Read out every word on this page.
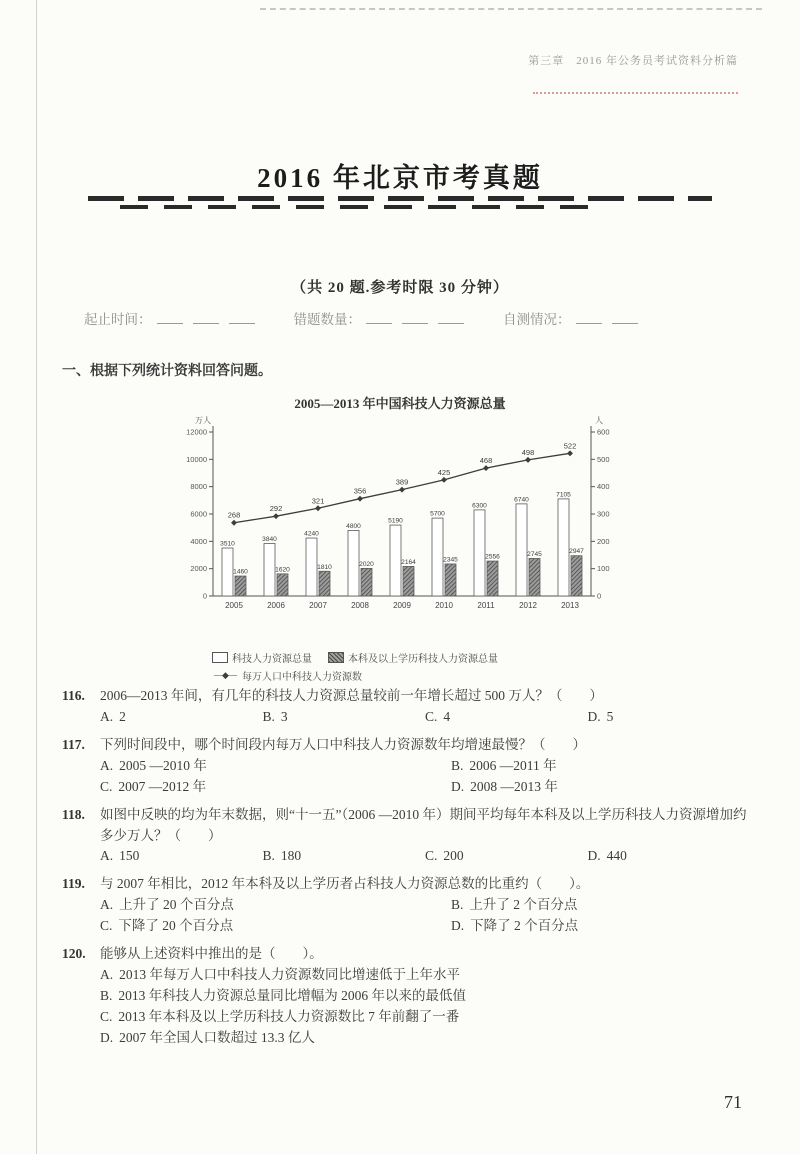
第三章　2016 年公务员考试资料分析篇
2016 年北京市考真题
（共 20 题.参考时限 30 分钟）
起止时间：	错题数量：	自测情况：
一、根据下列统计资料回答问题。
2005—2013 年中国科技人力资源总量
0
2000
4000
6000
8000
10000
12000
0
100
200
300
400
500
600
万人	人
2005	2006	2007	2008	2009	2010	2011	2012	2013
3510
3840
4240
4800
5190
5700
6300
6740
7105
1460	1620	1810	2020	2164	2345	2556	2745	2947
268
292
321
356
389
425
468
498
522
科技人力资源总量	本科及以上学历科技人力资源总量
—◆— 每万人口中科技人力资源数
116.	2006—2013 年间，有几年的科技人力资源总量较前一年增长超过 500 万人？（　　）
A. 2	B. 3	C. 4	D. 5
117.	下列时间段中，哪个时间段内每万人口中科技人力资源数年均增速最慢？（　　）
A. 2005 —2010 年	B. 2006 —2011 年
C. 2007 —2012 年	D. 2008 —2013 年
118.	如图中反映的均为年末数据，则“十一五”（2006 —2010 年）期间平均每年本科及以上学历科技人力资源增加约多少万人？（　　）
A. 150	B. 180	C. 200	D. 440
119.	与 2007 年相比，2012 年本科及以上学历者占科技人力资源总数的比重约（　　）。
A. 上升了 20 个百分点	B. 上升了 2 个百分点
C. 下降了 20 个百分点	D. 下降了 2 个百分点
120.	能够从上述资料中推出的是（　　）。
A. 2013 年每万人口中科技人力资源数同比增速低于上年水平
B. 2013 年科技人力资源总量同比增幅为 2006 年以来的最低值
C. 2013 年本科及以上学历科技人力资源数比 7 年前翻了一番
D. 2007 年全国人口数超过 13.3 亿人
71
